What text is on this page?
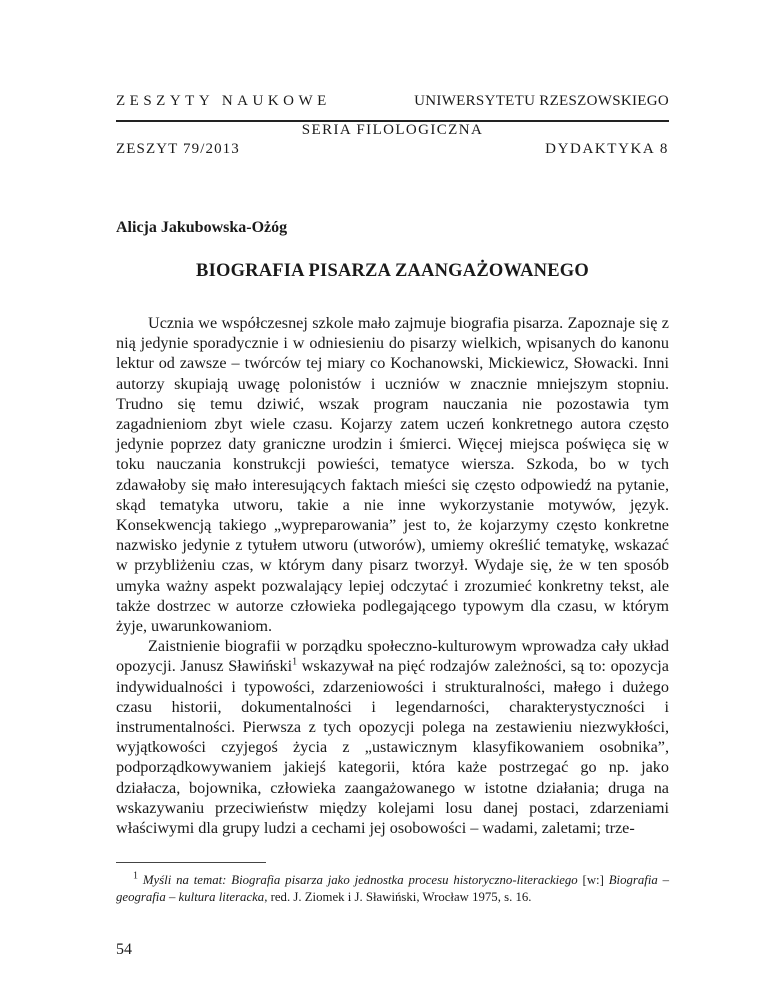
ZESZYTY NAUKOWE	UNIWERSYTETU RZESZOWSKIEGO
SERIA FILOLOGICZNA
ZESZYT 79/2013	DYDAKTYKA 8
Alicja Jakubowska-Ożóg
BIOGRAFIA PISARZA ZAANGAŻOWANEGO

Ucznia we współczesnej szkole mało zajmuje biografia pisarza. Zapoznaje się z nią jedynie sporadycznie i w odniesieniu do pisarzy wielkich, wpisanych do kanonu lektur od zawsze – twórców tej miary co Kochanowski, Mickiewicz, Słowacki. Inni autorzy skupiają uwagę polonistów i uczniów w znacznie mniejszym stopniu. Trudno się temu dziwić, wszak program nauczania nie pozostawia tym zagadnieniom zbyt wiele czasu. Kojarzy zatem uczeń konkretnego autora często jedynie poprzez daty graniczne urodzin i śmierci. Więcej miejsca poświęca się w toku nauczania konstrukcji powieści, tematyce wiersza. Szkoda, bo w tych zdawałoby się mało interesujących faktach mieści się często odpowiedź na pytanie, skąd tematyka utworu, takie a nie inne wykorzystanie motywów, język. Konsekwencją takiego „wypreparowania” jest to, że kojarzymy często konkretne nazwisko jedynie z tytułem utworu (utworów), umiemy określić tematykę, wskazać w przybliżeniu czas, w którym dany pisarz tworzył. Wydaje się, że w ten sposób umyka ważny aspekt pozwalający lepiej odczytać i zrozumieć konkretny tekst, ale także dostrzec w autorze człowieka podlegającego typowym dla czasu, w którym żyje, uwarunkowaniom.

Zaistnienie biografii w porządku społeczno-kulturowym wprowadza cały układ opozycji. Janusz Sławiński$^1$ wskazywał na pięć rodzajów zależności, są to: opozycja indywidualności i typowości, zdarzeniowości i strukturalności, małego i dużego czasu historii, dokumentalności i legendarności, charakterystyczności i instrumentalności. Pierwsza z tych opozycji polega na zestawieniu niezwykłości, wyjątkowości czyjegoś życia z „ustawicznym klasyfikowaniem osobnika”, podporządkowywaniem jakiejś kategorii, która każe postrzegać go np. jako działacza, bojownika, człowieka zaangażowanego w istotne działania; druga na wskazywaniu przeciwieństw między kolejami losu danej postaci, zdarzeniami właściwymi dla grupy ludzi a cechami jej osobowości – wadami, zaletami; trze-

$^1$ Myśli na temat: Biografia pisarza jako jednostka procesu historyczno-literackiego [w:] Biografia – geografia – kultura literacka, red. J. Ziomek i J. Sławiński, Wrocław 1975, s. 16.
54
